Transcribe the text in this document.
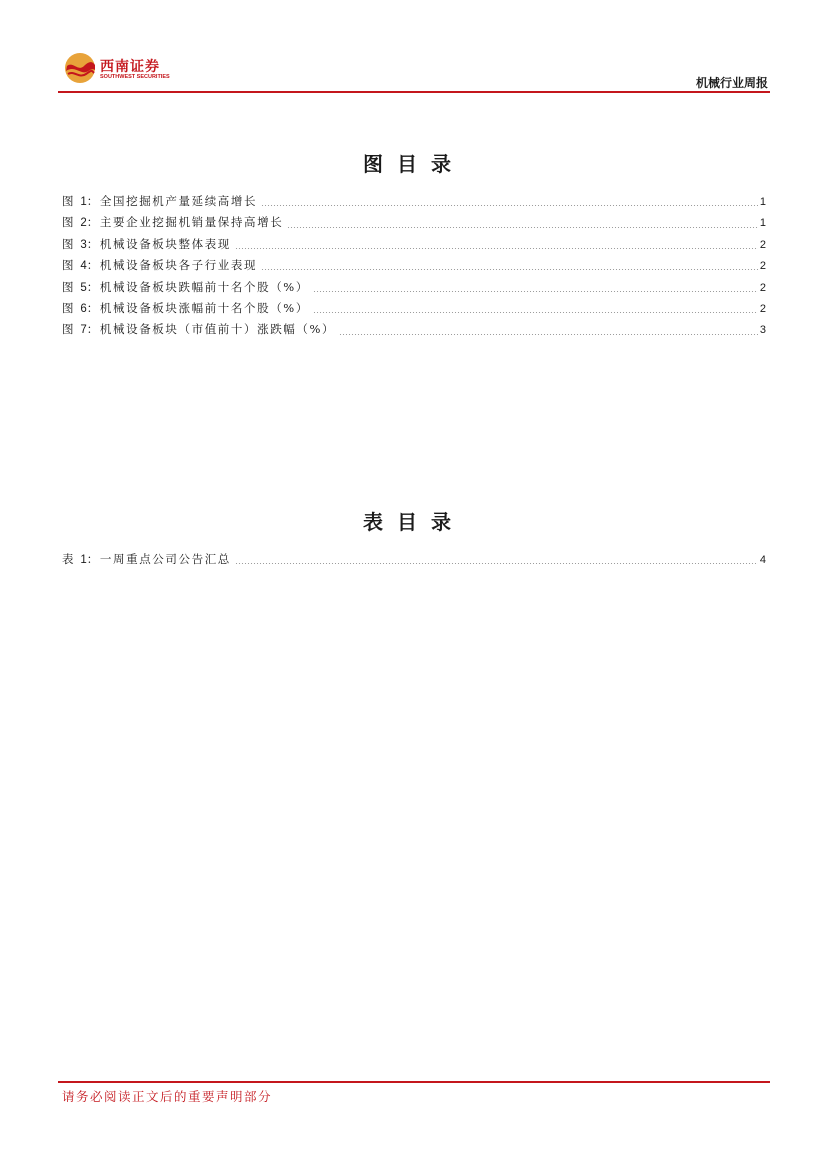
西南证券
SOUTHWEST SECURITIES	机械行业周报
图目录
图 1： 全国挖掘机产量延续高增长	1
图 2： 主要企业挖掘机销量保持高增长	1
图 3： 机械设备板块整体表现	2
图 4： 机械设备板块各子行业表现	2
图 5： 机械设备板块跌幅前十名个股（%）	2
图 6： 机械设备板块涨幅前十名个股（%）	2
图 7： 机械设备板块（市值前十）涨跌幅（%）	3
表目录
表 1： 一周重点公司公告汇总	4
请务必阅读正文后的重要声明部分
